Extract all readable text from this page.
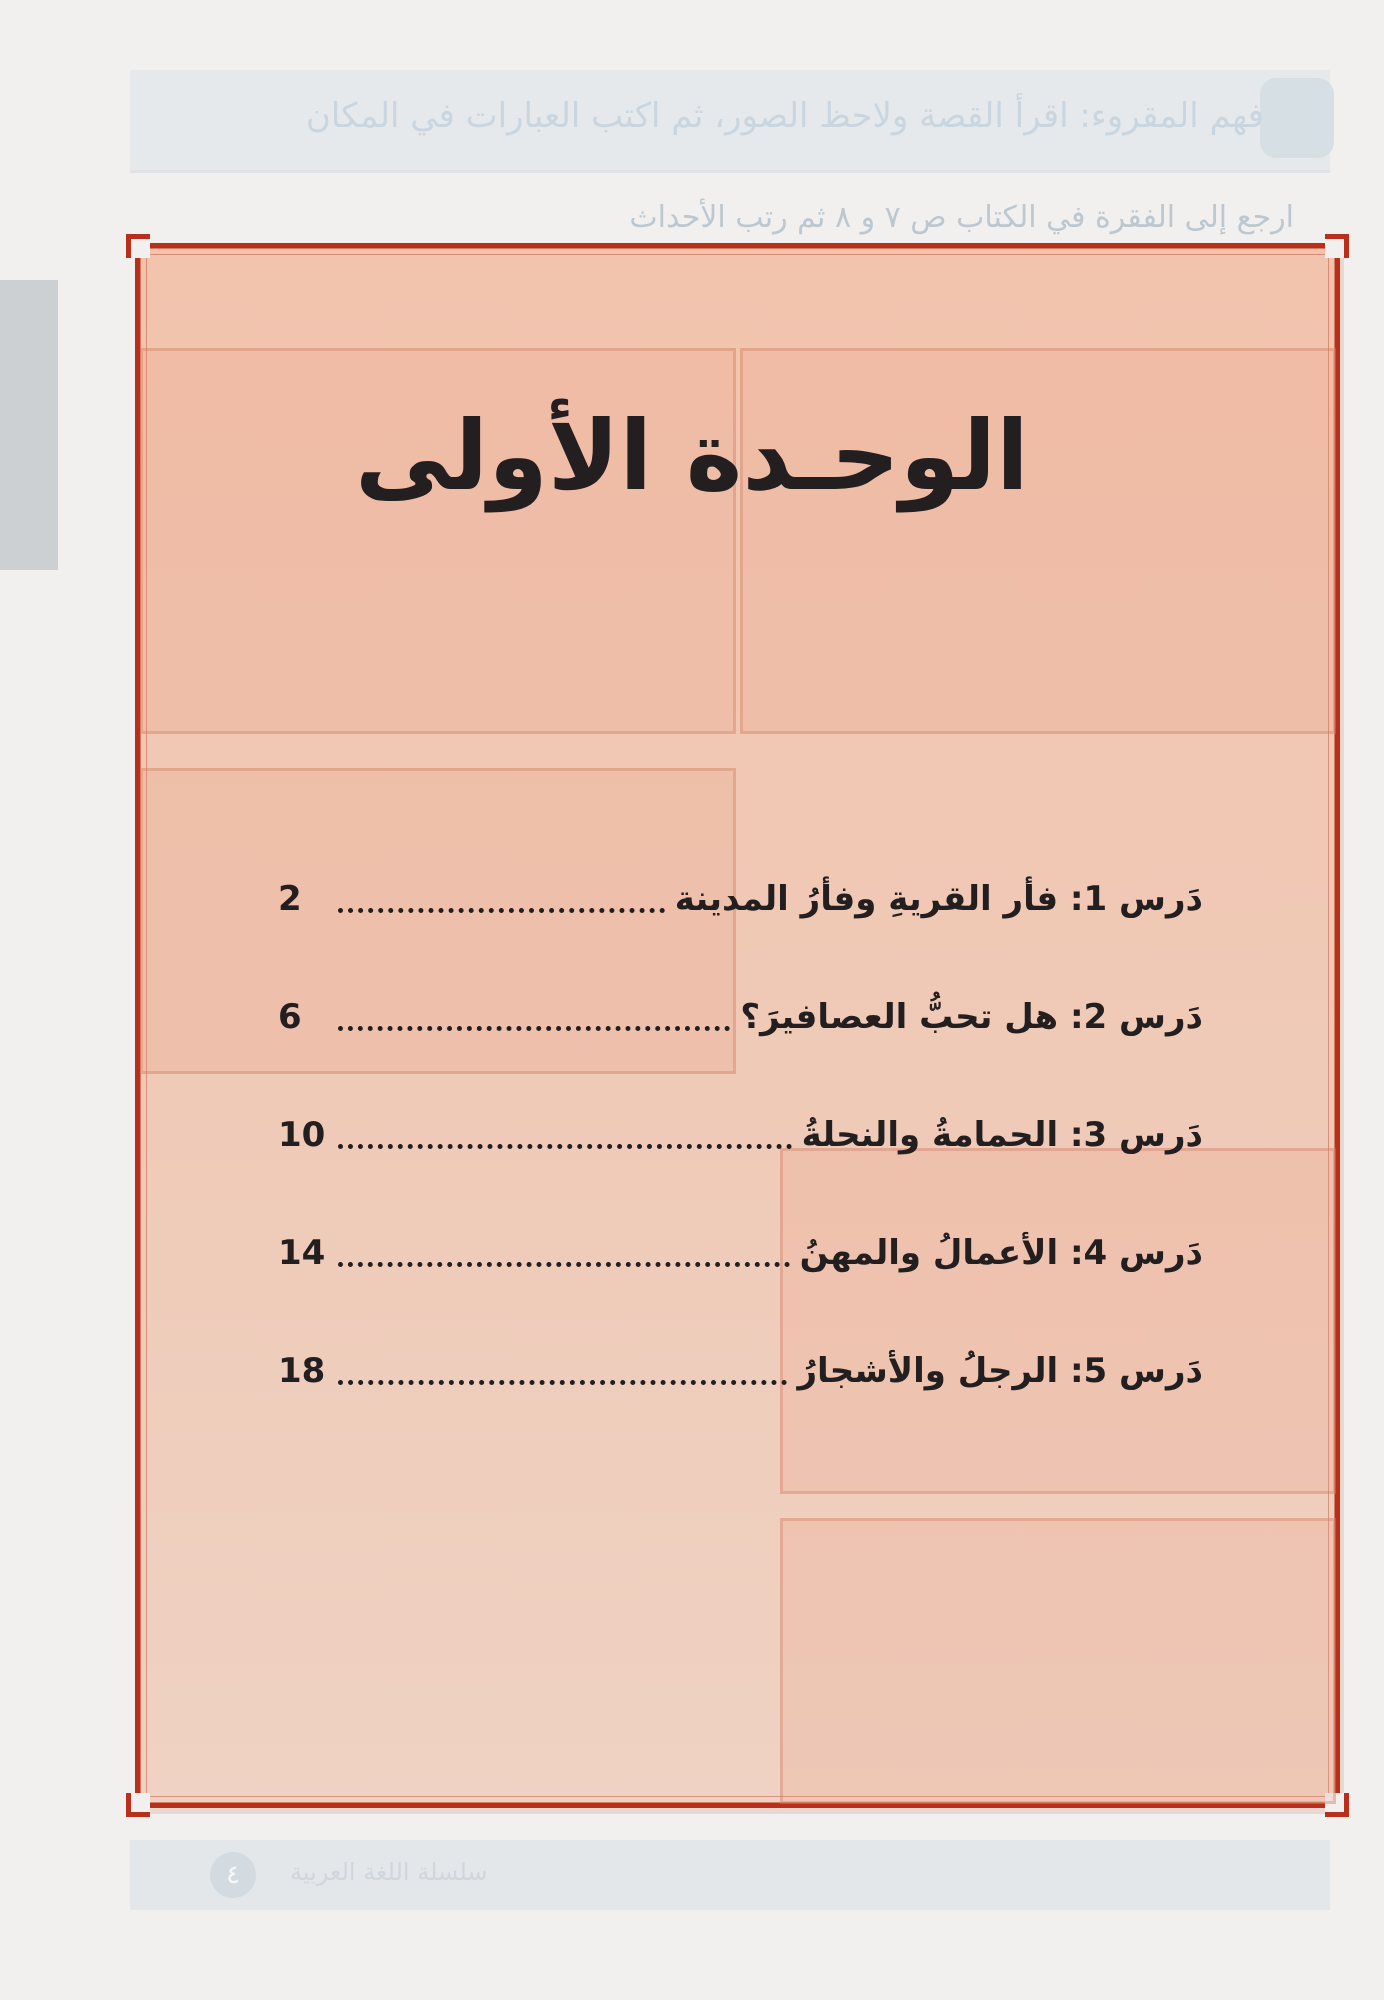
فهم المقروء: اقرأ القصة ولاحظ الصور، ثم اكتب العبارات في المكان
ارجع إلى الفقرة في الكتاب ص ٧ و ٨ ثم رتب الأحداث
٤	سلسلة اللغة العربية
الوحـدة الأولى
دَرس 1: فأر القريةِ وفأرُ المدينة
2
دَرس 2: هل تحبُّ العصافيرَ؟
6
دَرس 3: الحمامةُ والنحلةُ
10
دَرس 4: الأعمالُ والمهنُ
14
دَرس 5: الرجلُ والأشجارُ
18
